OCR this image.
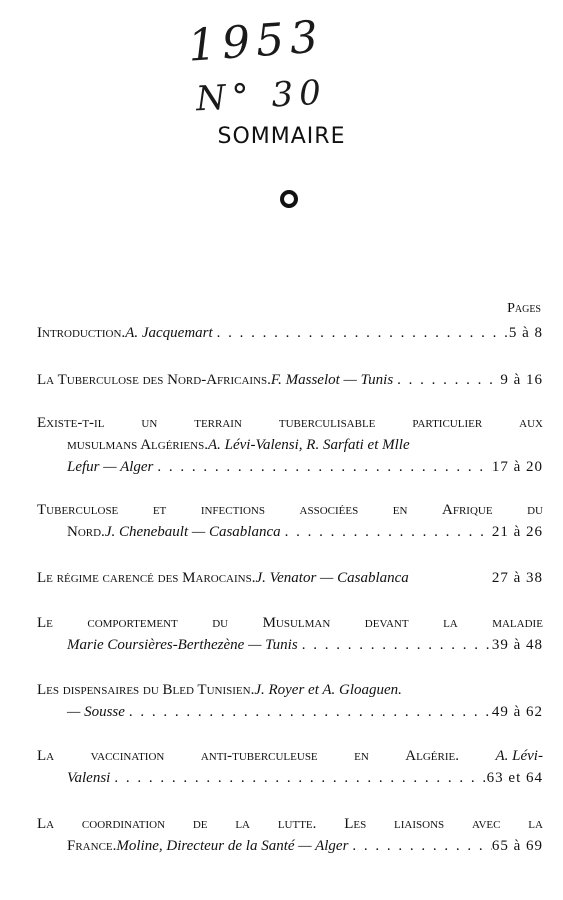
1953
N° 30
SOMMAIRE
Pages
Introduction. A. Jacquemart . . .	5 à 8
La Tuberculose des Nord-Africains. F. Masselot — Tunis . . .	9 à 16
Existe-t-il un terrain tuberculisable particulier aux
musulmans Algériens. A. Lévi-Valensi, R. Sarfati et Mlle
Lefur — Alger . . .	17 à 20
Tuberculose et infections associées en Afrique du
Nord. J. Chenebault — Casablanca . . .	21 à 26
Le régime carencé des Marocains. J. Venator — Casablanca	27 à 38
Le comportement du Musulman devant la maladie
Marie Coursières-Berthezène — Tunis . . .	39 à 48
Les dispensaires du Bled Tunisien. J. Royer et A. Gloaguen.
— Sousse . . .	49 à 62
La vaccination anti-tuberculeuse en Algérie. A. Lévi-
Valensi . . .	63 et 64
La coordination de la lutte. Les liaisons avec la
France. Moline, Directeur de la Santé — Alger . . .	65 à 69
